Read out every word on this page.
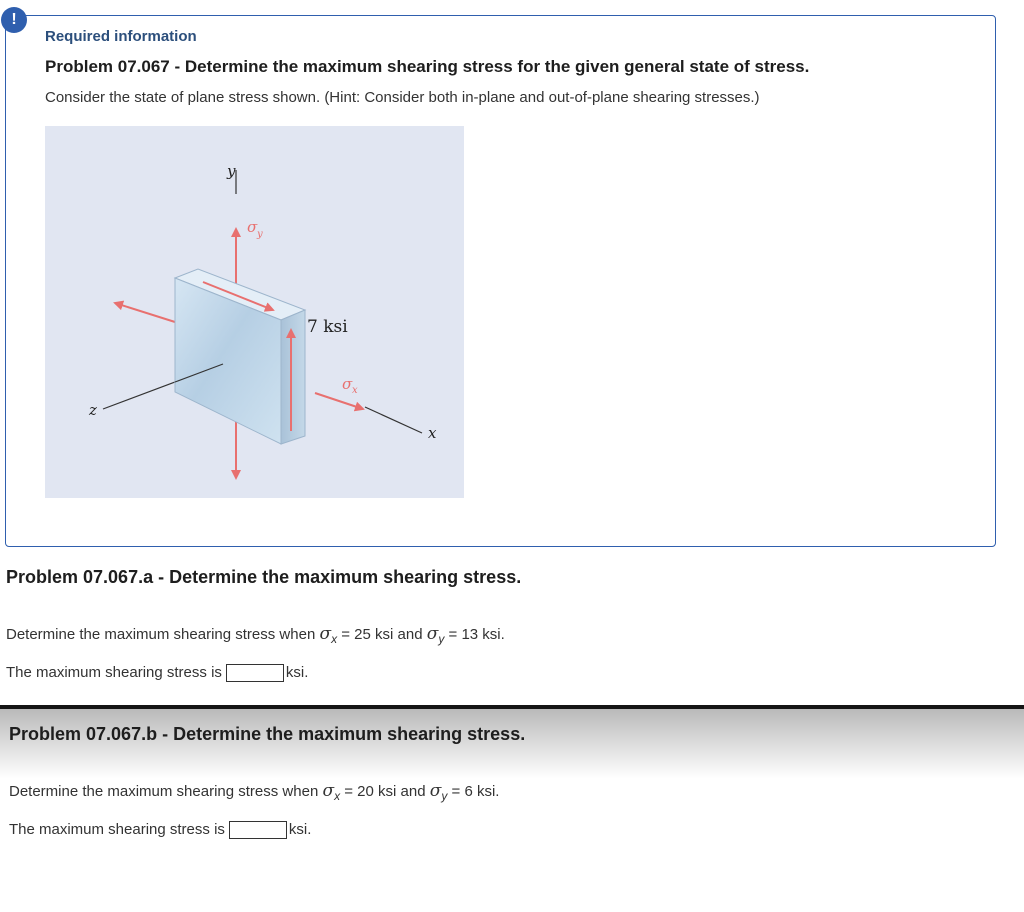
!
Required information
Problem 07.067 - Determine the maximum shearing stress for the given general state of stress.
Consider the state of plane stress shown. (Hint: Consider both in-plane and out-of-plane shearing stresses.)
y
z
x
σ y
σ x
7 ksi
Problem 07.067.a - Determine the maximum shearing stress.
Determine the maximum shearing stress when $\sigma_x = 25$ ksi and $\sigma_y = 13$ ksi.
The maximum shearing stress is	ksi.
Problem 07.067.b - Determine the maximum shearing stress.
Determine the maximum shearing stress when $\sigma_x = 20$ ksi and $\sigma_y = 6$ ksi.
The maximum shearing stress is	ksi.
